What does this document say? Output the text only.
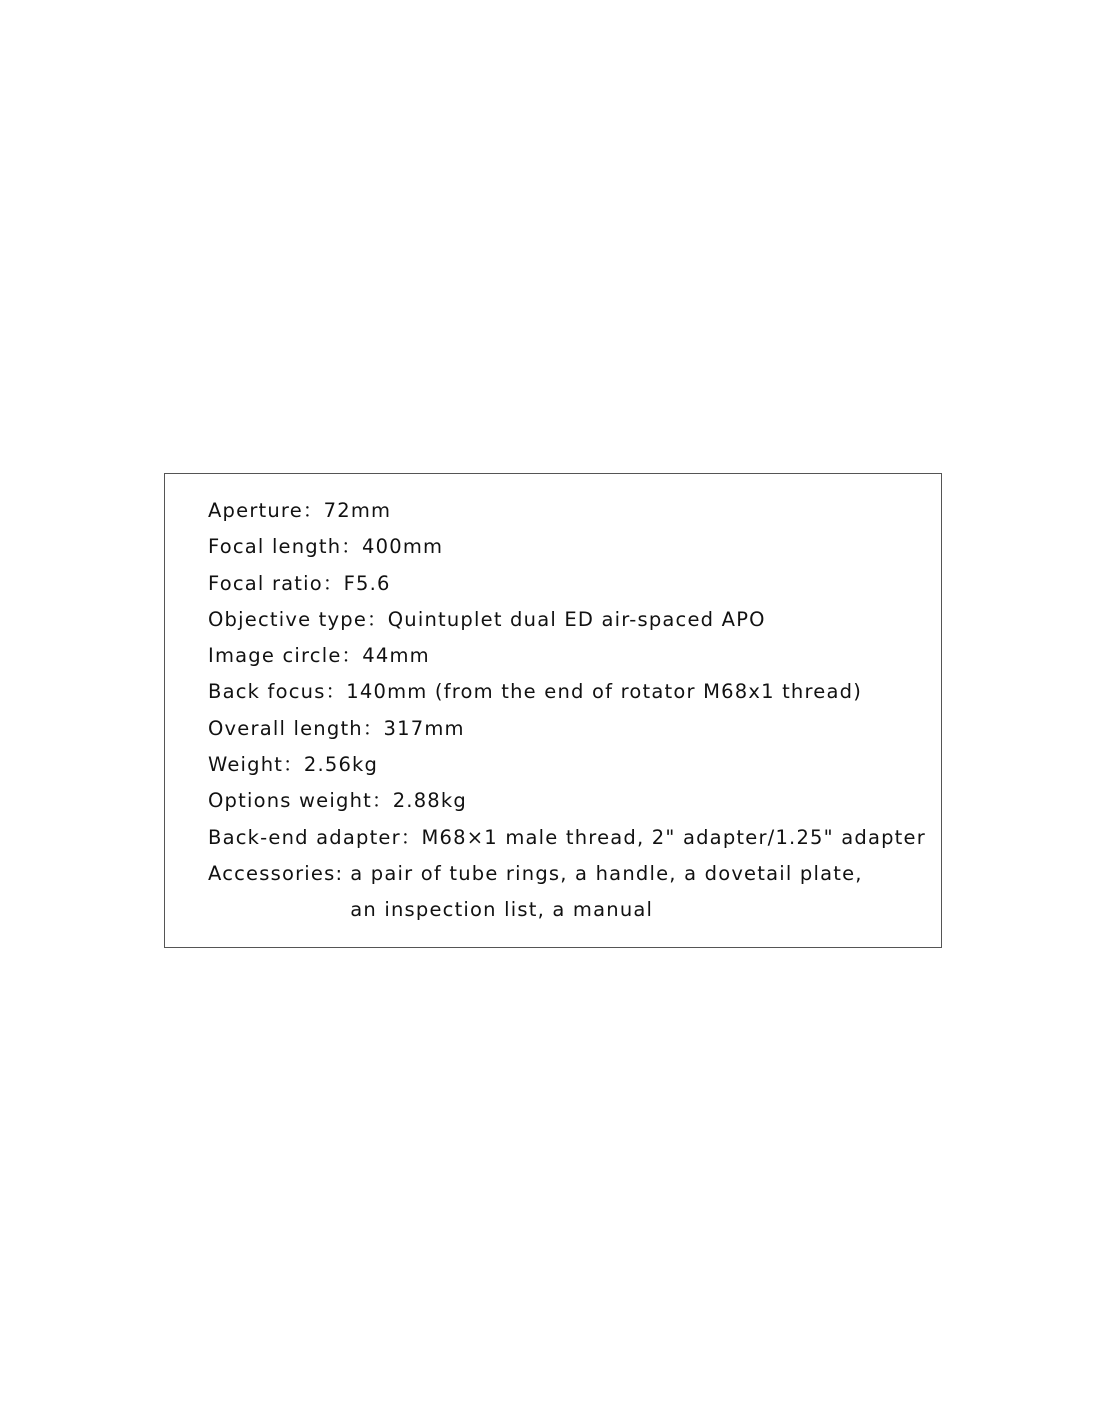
Aperture：72mm
Focal length：400mm
Focal ratio：F5.6
Objective type：Quintuplet dual ED air-spaced APO
Image circle：44mm
Back focus：140mm (from the end of rotator M68x1 thread)
Overall length：317mm
Weight：2.56kg
Options weight：2.88kg
Back-end adapter：M68×1 male thread, 2" adapter/1.25" adapter
Accessories: a pair of tube rings, a handle, a dovetail plate, an inspection list, a manual
